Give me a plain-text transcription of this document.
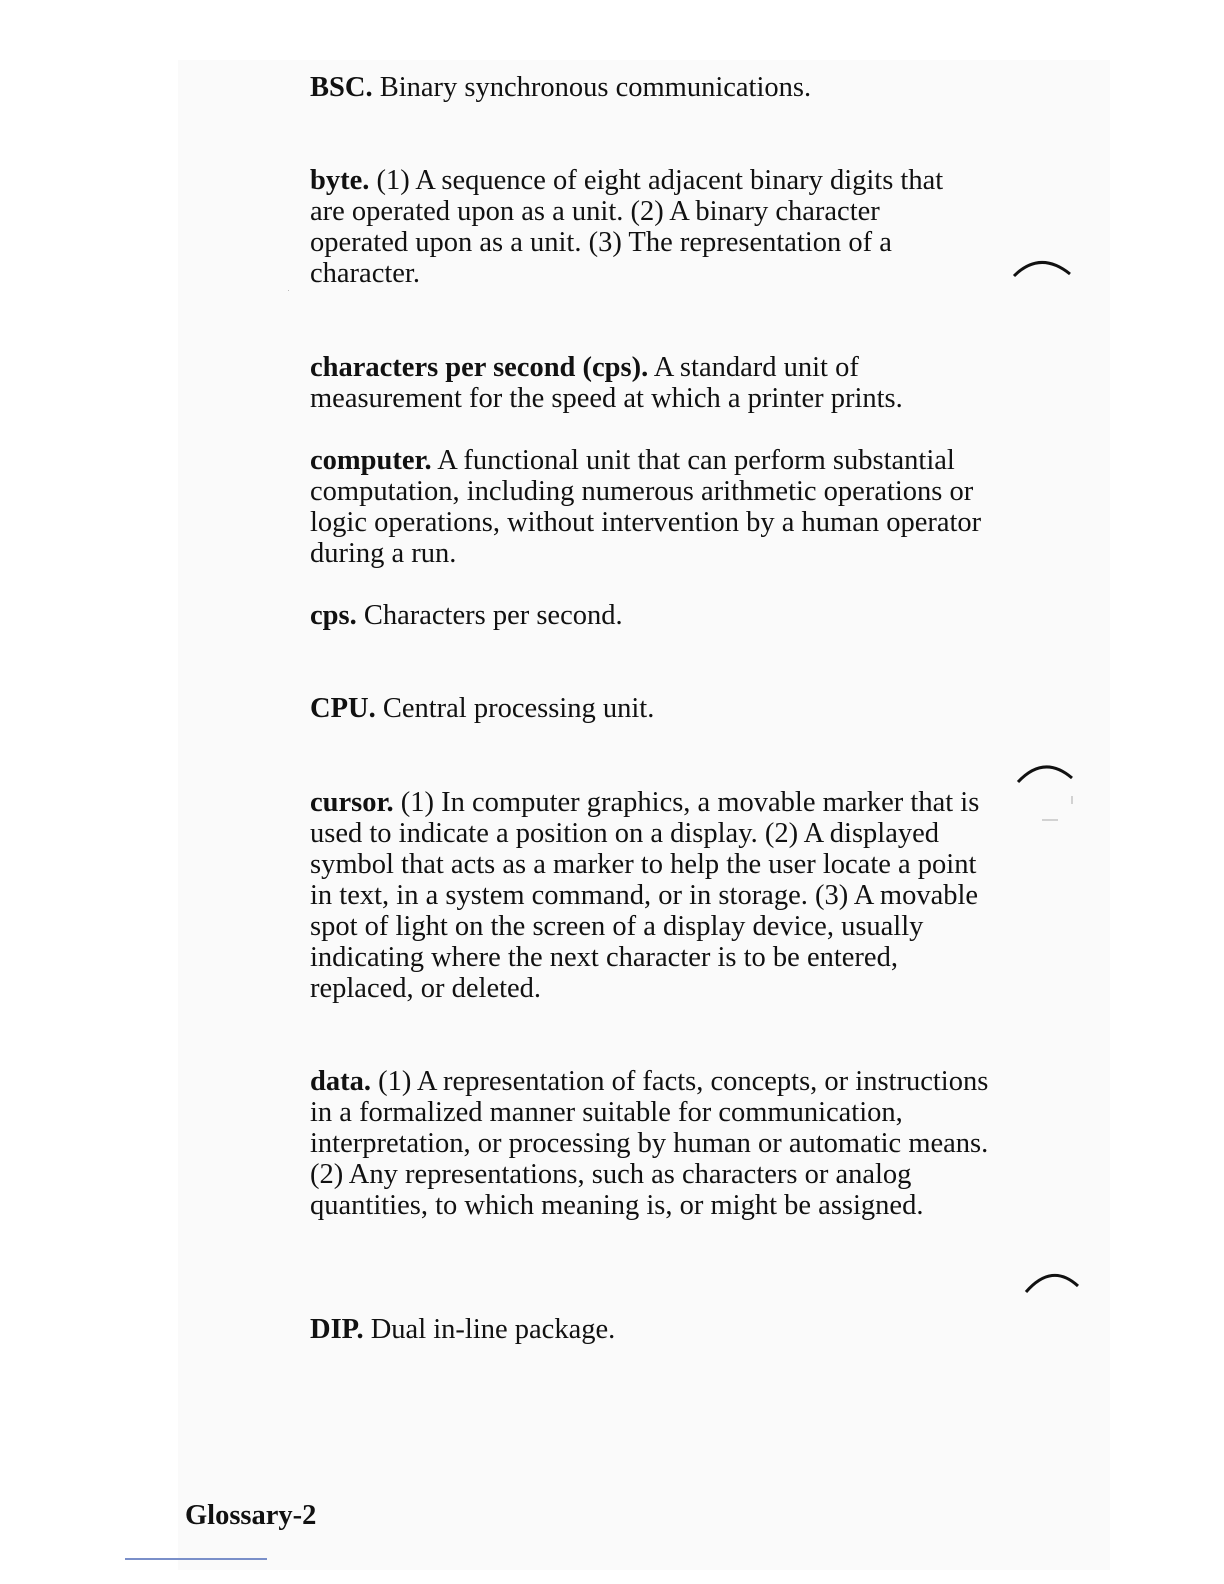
BSC. Binary synchronous communications.

byte. (1) A sequence of eight adjacent binary digits that are operated upon as a unit. (2) A binary character operated upon as a unit. (3) The representation of a character.

characters per second (cps). A standard unit of measurement for the speed at which a printer prints.

computer. A functional unit that can perform substantial computation, including numerous arithmetic operations or logic operations, without intervention by a human operator during a run.

cps. Characters per second.

CPU. Central processing unit.

cursor. (1) In computer graphics, a movable marker that is used to indicate a position on a display. (2) A displayed symbol that acts as a marker to help the user locate a point in text, in a system command, or in storage. (3) A movable spot of light on the screen of a display device, usually indicating where the next character is to be entered, replaced, or deleted.

data. (1) A representation of facts, concepts, or instructions in a formalized manner suitable for communication, interpretation, or processing by human or automatic means. (2) Any representations, such as characters or analog quantities, to which meaning is, or might be assigned.

DIP. Dual in-line package.

Glossary-2
